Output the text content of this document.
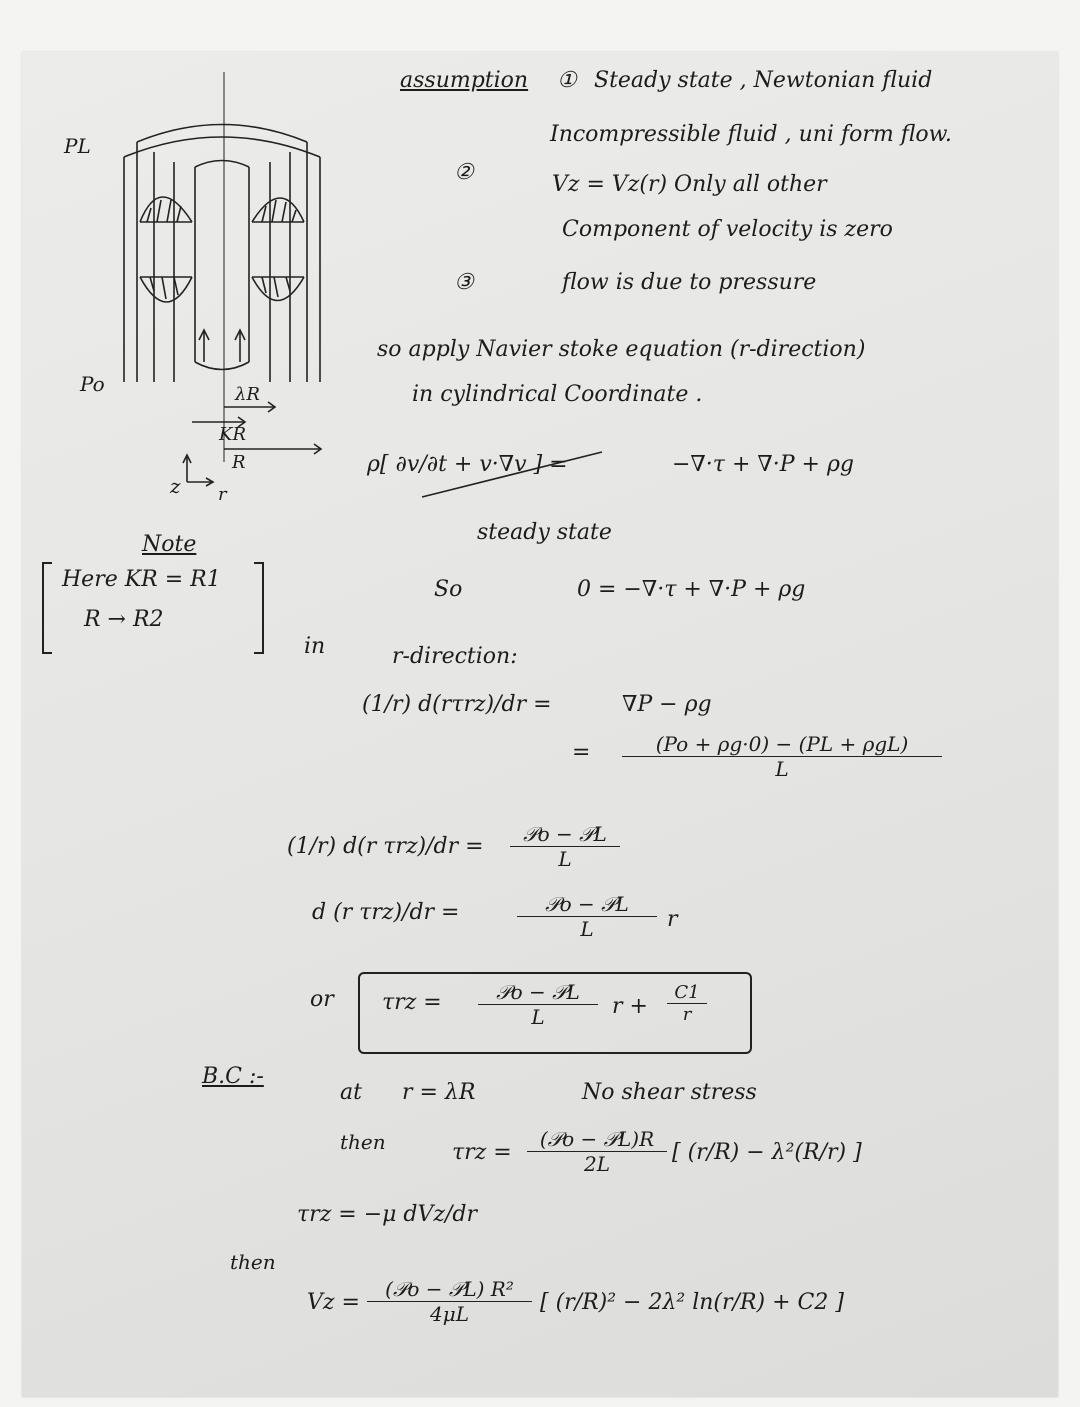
PL
Po	λR
KR
R
z r
Note
Here KR = R1
R → R2
assumption ① Steady state , Newtonian fluid
Incompressible fluid , uni form flow.
②	Vz = Vz(r) Only all other
Component of velocity is zero
③	flow is due to pressure
so apply Navier stoke equation (r-direction)
in cylindrical Coordinate .
ρ[ ∂v/∂t + v·∇v ] =	−∇·τ + ∇·P + ρg
steady state
So	0 = −∇·τ + ∇·P + ρg
in	r-direction:
(1/r) d(rτrz)/dr =	∇P − ρg
=	(Po + ρg·0) − (PL + ρgL)
L
(1/r) d(r τrz)/dr =	𝒫o − 𝒫L
L
d (r τrz)/dr =	𝒫o − 𝒫L
L	r
or τrz =	𝒫o − 𝒫L
L	$r + \frac{C1}{r}$
B.C :-
at r = λR	No shear stress
then	τrz =
(𝒫o − 𝒫L)R
2L	[ (r/R) − λ²(R/r) ]
τrz = −μ dVz/dr
then
Vz =
(𝒫o − 𝒫L) R²
4μL	[ (r/R)² − 2λ² ln(r/R) + C2 ]
